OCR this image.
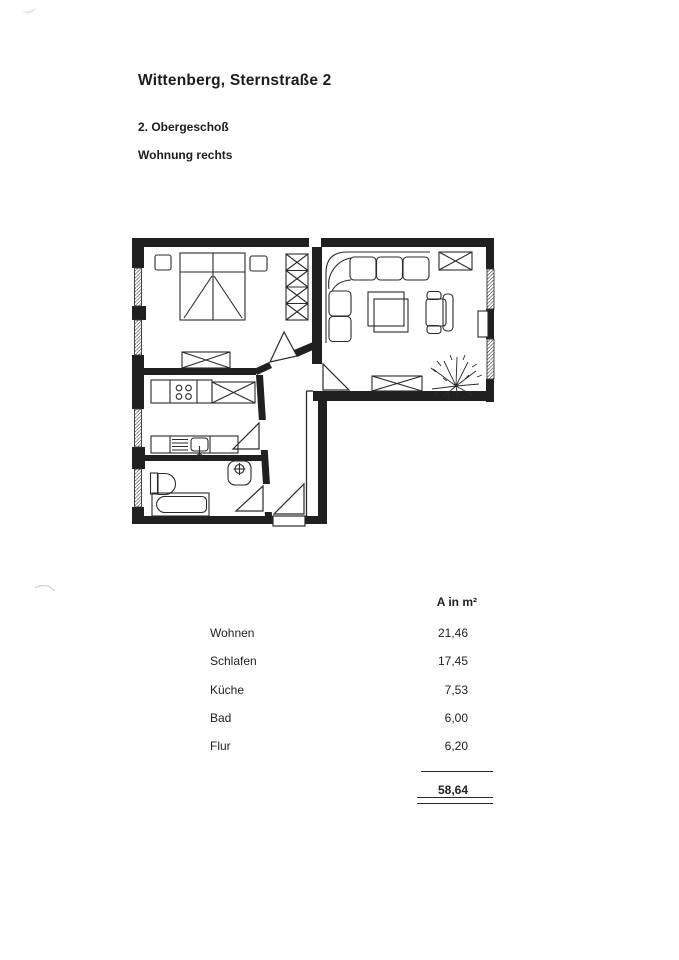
Wittenberg, Sternstraße 2
2. Obergeschoß
Wohnung rechts
A in m²
Wohnen	21,46
Schlafen	17,45
Küche	7,53
Bad	6,00
Flur	6,20
58,64
